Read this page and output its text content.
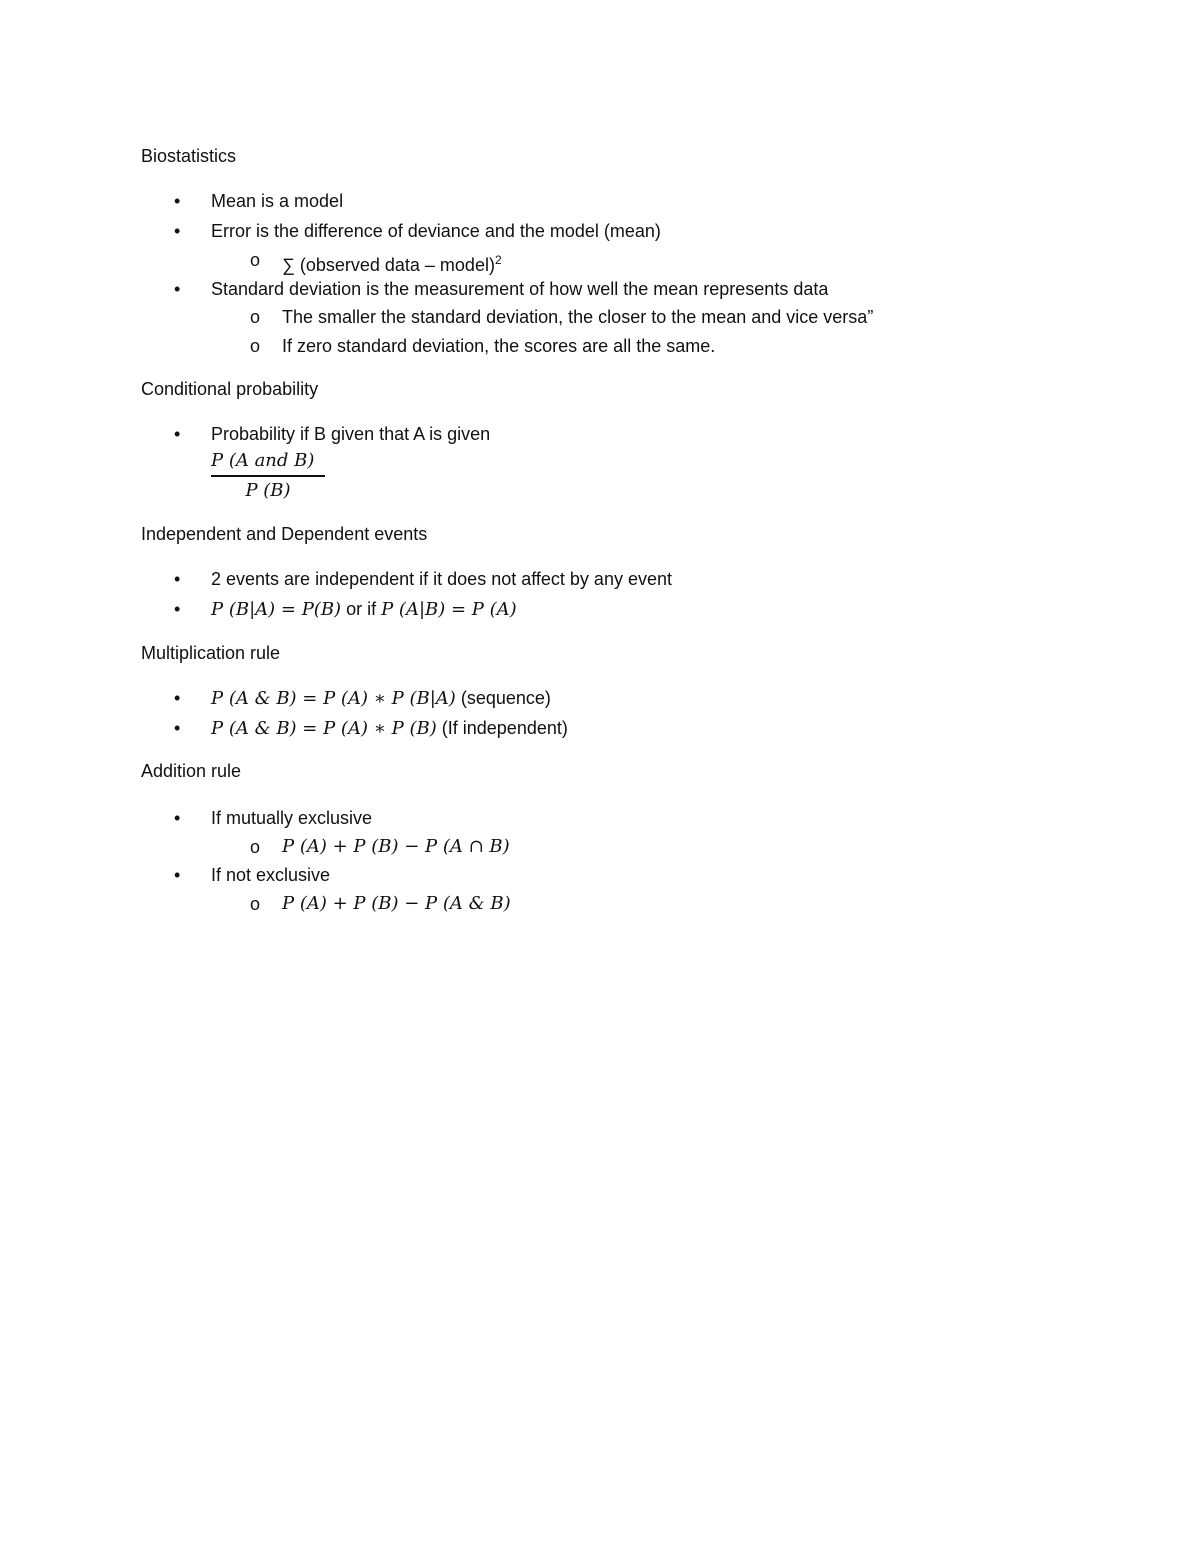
Biostatistics
• Mean is a model
• Error is the difference of deviance and the model (mean)
o ∑ (observed data – model)$^2$
• Standard deviation is the measurement of how well the mean represents data
o The smaller the standard deviation, the closer to the mean and vice versa”
o If zero standard deviation, the scores are all the same.
Conditional probability
• Probability if B given that A is given
P (A and B)
P (B)
Independent and Dependent events
• 2 events are independent if it does not affect by any event
• P (B|A) = P(B) or if P (A|B) = P (A)
Multiplication rule
• P (A & B) = P (A) ∗ P (B|A) (sequence)
• P (A & B) = P (A) ∗ P (B) (If independent)
Addition rule
• If mutually exclusive
o P (A) + P (B) − P (A ∩ B)
• If not exclusive
o P (A) + P (B) − P (A & B)
